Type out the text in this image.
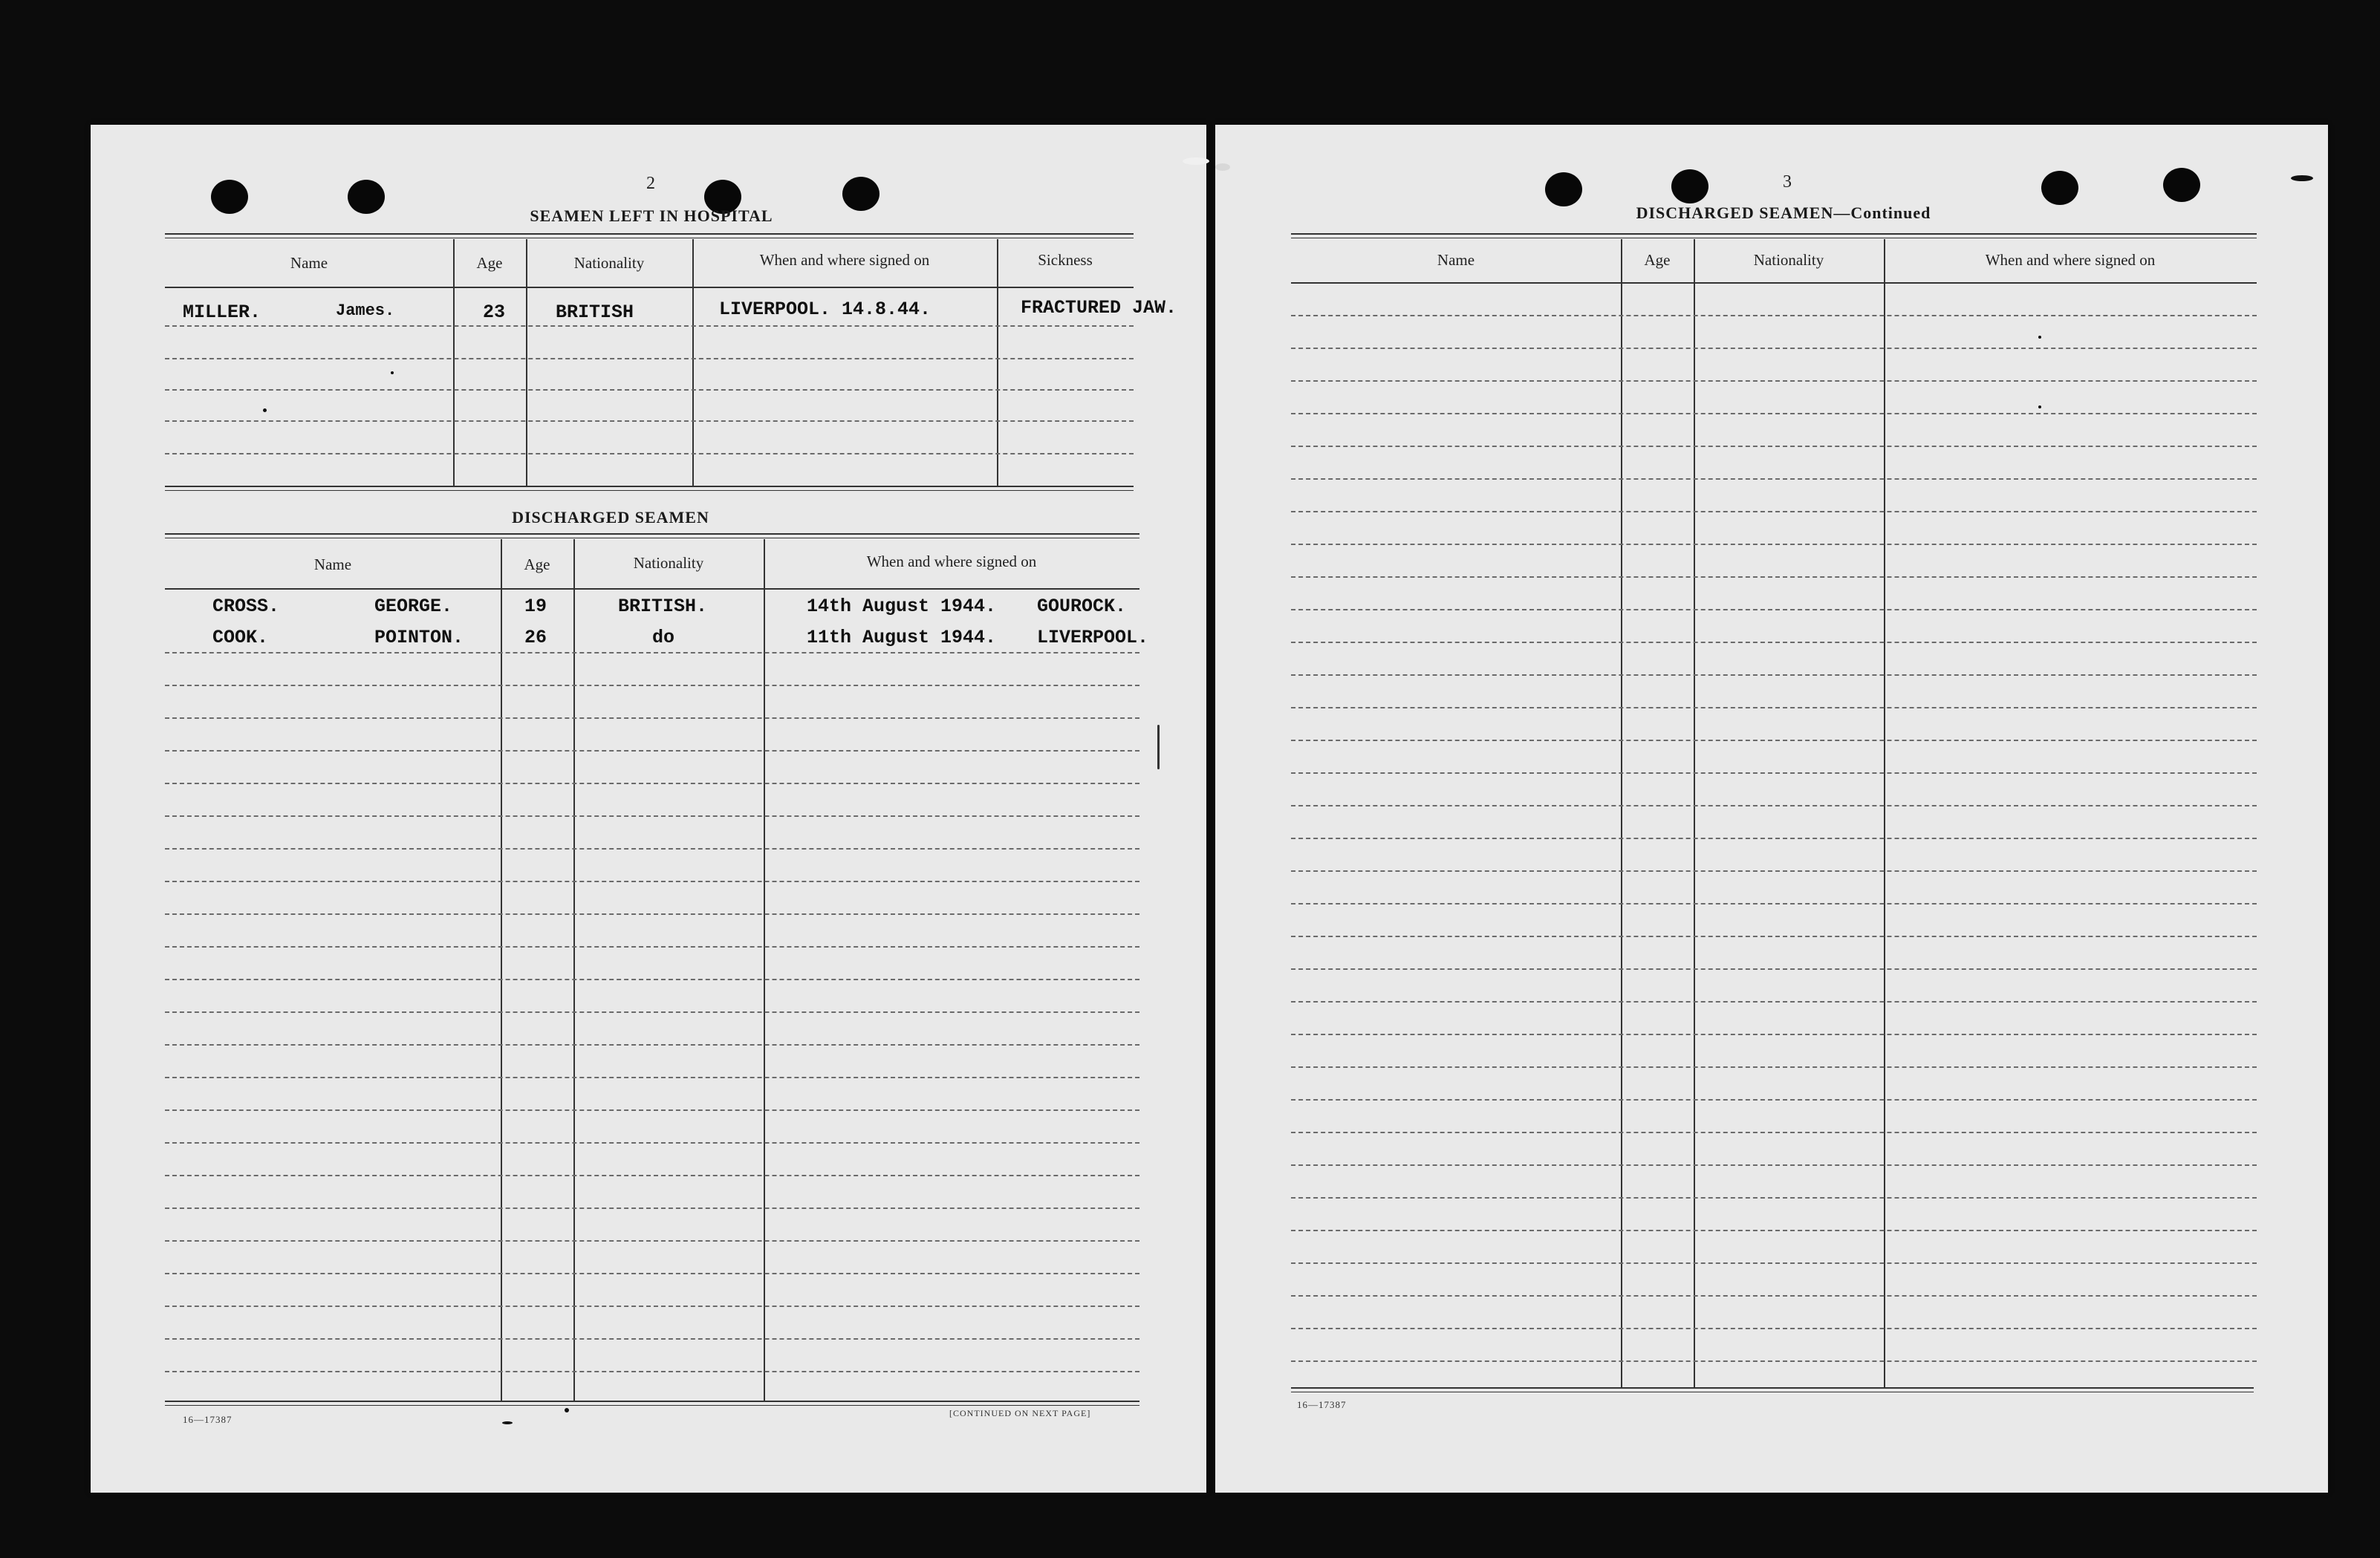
2
SEAMEN LEFT IN HOSPITAL
Name	Age	Nationality	When and where signed on	Sickness
MILLER.	James.	23	BRITISH	LIVERPOOL. 14.8.44.	FRACTURED JAW.
DISCHARGED SEAMEN
Name	Age	Nationality	When and where signed on
CROSS.	GEORGE.	19	BRITISH.	14th August 1944. GOUROCK.
COOK.	POINTON.	26	do	11th August 1944. LIVERPOOL.
16—17387
[CONTINUED ON NEXT PAGE]
3
DISCHARGED SEAMEN—Continued
Name	Age	Nationality	When and where signed on
16—17387
